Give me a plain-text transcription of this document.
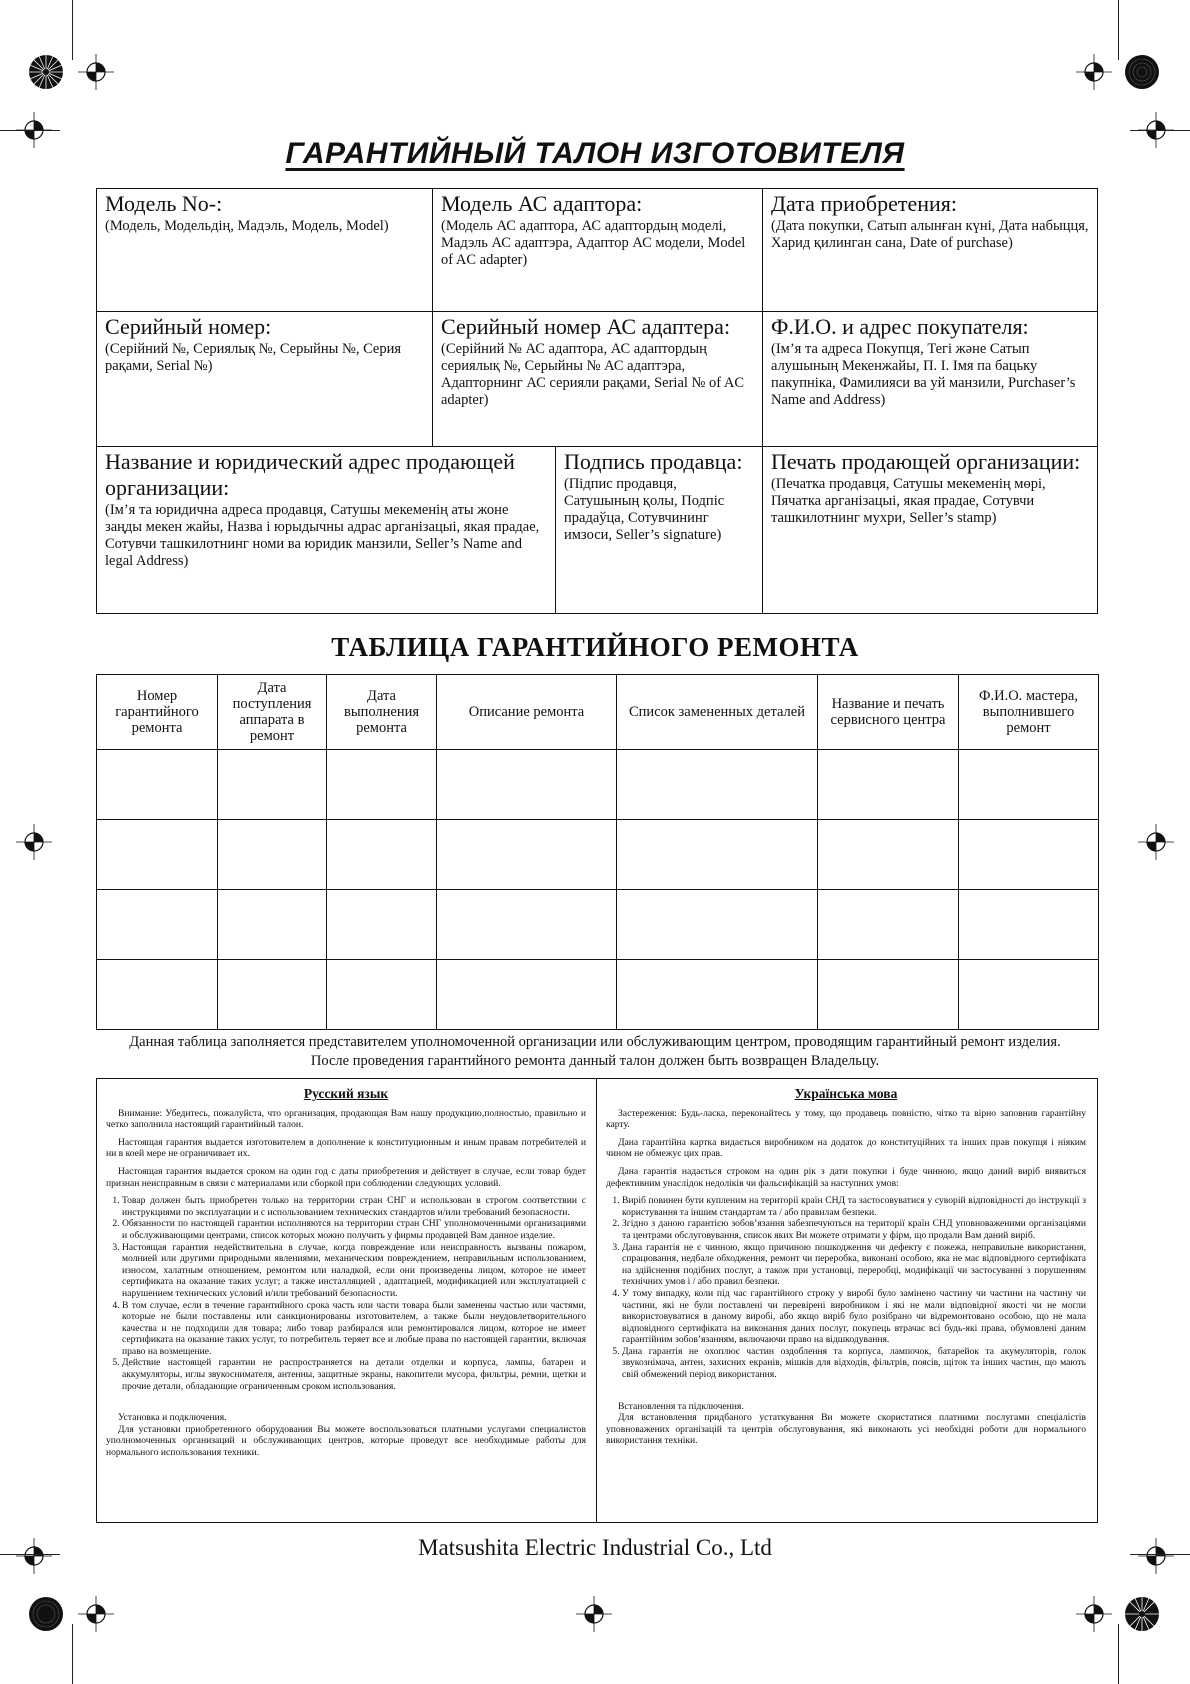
ГАРАНТИЙНЫЙ ТАЛОН ИЗГОТОВИТЕЛЯ
Модель No-:
(Модель, Модельдің, Мадэль, Модель, Model)
Модель АС адаптора:
(Модель АС адаптора, АС адаптордың моделі, Мадэль АС адаптэра, Адаптор АС модели, Model of AC adapter)
Дата приобретения:
(Дата покупки, Сатып алынған күні, Дата набыцця, Харид қилинган сана, Date of purchase)
Серийный номер:
(Серійний №, Сериялық №, Серыйны №, Серия рақами, Serial №)
Серийный номер АС адаптера:
(Серійний № АС адаптора, АС адаптордың сериялық №, Серыйны № АС адаптэра, Адапторнинг АС серияли рақами, Serial № of AC adapter)
Ф.И.О. и адрес покупателя:
(Ім’я та адреса Покупця, Тегі және Сатып алушының Мекенжайы, П. І. Імя па бацьку пакупніка, Фамилияси ва уй манзили, Purchaser’s Name and Address)
Название и юридический адрес продающей организации:
(Ім’я та юридична адреса продавця, Сатушы мекеменің аты жоне заңды мекен жайы, Назва і юрыдычны адрас арганізацыі, якая прадае, Сотувчи ташкилотнинг номи ва юридик манзили, Seller’s Name and legal Address)
Подпись продавца:
(Підпис продавця, Сатушының қолы, Подпіс прадаўца, Сотувчининг имзоси, Seller’s signature)
Печать продающей организации:
(Печатка продавця, Сатушы мекеменің мөрі, Пячатка арганізацыі, якая прадае, Сотувчи ташкилотнинг мухри, Seller’s stamp)
ТАБЛИЦА ГАРАНТИЙНОГО РЕМОНТА
Номер гарантийного ремонта	Дата поступления аппарата в ремонт	Дата выполнения ремонта	Описание ремонта	Список замененных деталей	Название и печать сервисного центра	Ф.И.О. мастера, выполнившего ремонт

Данная таблица заполняется представителем уполномоченной организации или обслуживающим центром, проводящим гарантийный ремонт изделия.
После проведения гарантийного ремонта данный талон должен быть возвращен Владельцу.
Русский язык

Внимание: Убедитесь, пожалуйста, что организация, продающая Вам нашу продукцию,полностью, правильно и четко заполнила настоящий гарантийный талон.

Настоящая гарантия выдается изготовителем в дополнение к конституционным и иным правам потребителей и ни в коей мере не ограничивает их.

Настоящая гарантия выдается сроком на один год с даты приобретения и действует в случае, если товар будет признан неисправным в связи с материалами или сборкой при соблюдении следующих условий.

1. Товар должен быть приобретен только на территории стран СНГ и использован в строгом соответствии с инструкциями по эксплуатации и с использованием технических стандартов и/или требований безопасности.
2. Обязанности по настоящей гарантии исполняются на территории стран СНГ уполномоченными организациями и обслуживающими центрами, список которых можно получить у фирмы продавцей Вам данное изделие.
3. Настоящая гарантия недействительна в случае, когда повреждение или неисправность вызваны пожаром, молнией или другими природными явлениями, механическим повреждением, неправильным использованием, износом, халатным отношением, ремонтом или наладкой, если они произведены лицом, которое не имеет сертификата на оказание таких услуг; а также инсталляцией , адаптацией, модификацией или эксплуатацией с нарушением технических условий и/или требований безопасности.
4. В том случае, если в течение гарантийного срока часть или части товара были заменены частью или частями, которые не были поставлены или санкционированы изготовителем, а также были неудовлетворительного качества и не подходили для товара; либо товар разбирался или ремонтировался лицом, которое не имеет сертификата на оказание таких услуг, то потребитель теряет все и любые права по настоящей гарантии, включая право на возмещение.
5. Действие настоящей гарантии не распространяется на детали отделки и корпуса, лампы, батареи и аккумуляторы, иглы звукоснимателя, антенны, защитные экраны, накопители мусора, фильтры, ремни, щетки и прочие детали, обладающие ограниченным сроком использования.

Установка и подключения.

Для установки приобретенного оборудования Вы можете воспользоваться платными услугами специалистов уполномоченных организаций и обслуживающих центров, которые проведут все необходимые работы для нормального использования техники.

Українська мова

Застереження: Будь-ласка, переконайтесь у тому, що продавець повністю, чітко та вірно заповнив гарантійну карту.

Дана гарантійна картка видається виробником на додаток до конституційних та інших прав покупця і ніяким чином не обмежує цих прав.

Дана гарантія надається строком на один рік з дати покупки і буде чинною, якщо даний виріб виявиться дефективним унаслідок недоліків чи фальсифікацій за наступних умов:

1. Виріб повинен бути купленим на території країн СНД та застосовуватися у суворій відповідності до інструкції з користування та іншим стандартам та / або правилам безпеки.
2. Згідно з даною гарантією зобов’язання забезпечуються на території країн СНД уповноваженими організаціями та центрами обслуговування, список яких Ви можете отримати у фірм, що продали Вам даний виріб.
3. Дана гарантія не є чинною, якщо причиною пошкодження чи дефекту є пожежа, неправильне використання, спрацювання, недбале обходження, ремонт чи переробка, виконані особою, яка не має відповідного сертифіката на здійснення подібних послуг, а також при установці, переробці, модифікації чи застосуванні з порушенням технічних умов і / або правил безпеки.
4. У тому випадку, коли під час гарантійного строку у виробі було замінено частину чи частини на частину чи частини, які не були поставлені чи перевірені виробником і які не мали відповідної якості чи не могли використовуватися в даному виробі, або якщо виріб було розібрано чи відремонтовано особою, що не мала відповідного сертифіката на виконання даних послуг, покупець втрачає всі будь-які права, обумовлені даним гарантійним зобов’язанням, включаючи право на відшкодування.
5. Дана гарантія не охоплює частин оздоблення та корпуса, лампочок, батарейок та акумуляторів, голок звукознімача, антен, захисних екранів, мішків для відходів, фільтрів, поясів, щіток та інших частин, що мають свій обмежений період використання.

Встановлення та підключення.

Для встановлення придбаного устаткування Ви можете скористатися платними послугами спеціалістів уповноважених організацій та центрів обслуговування, які виконають усі необхідні роботи для нормального використання техніки.

Matsushita Electric Industrial Co., Ltd
